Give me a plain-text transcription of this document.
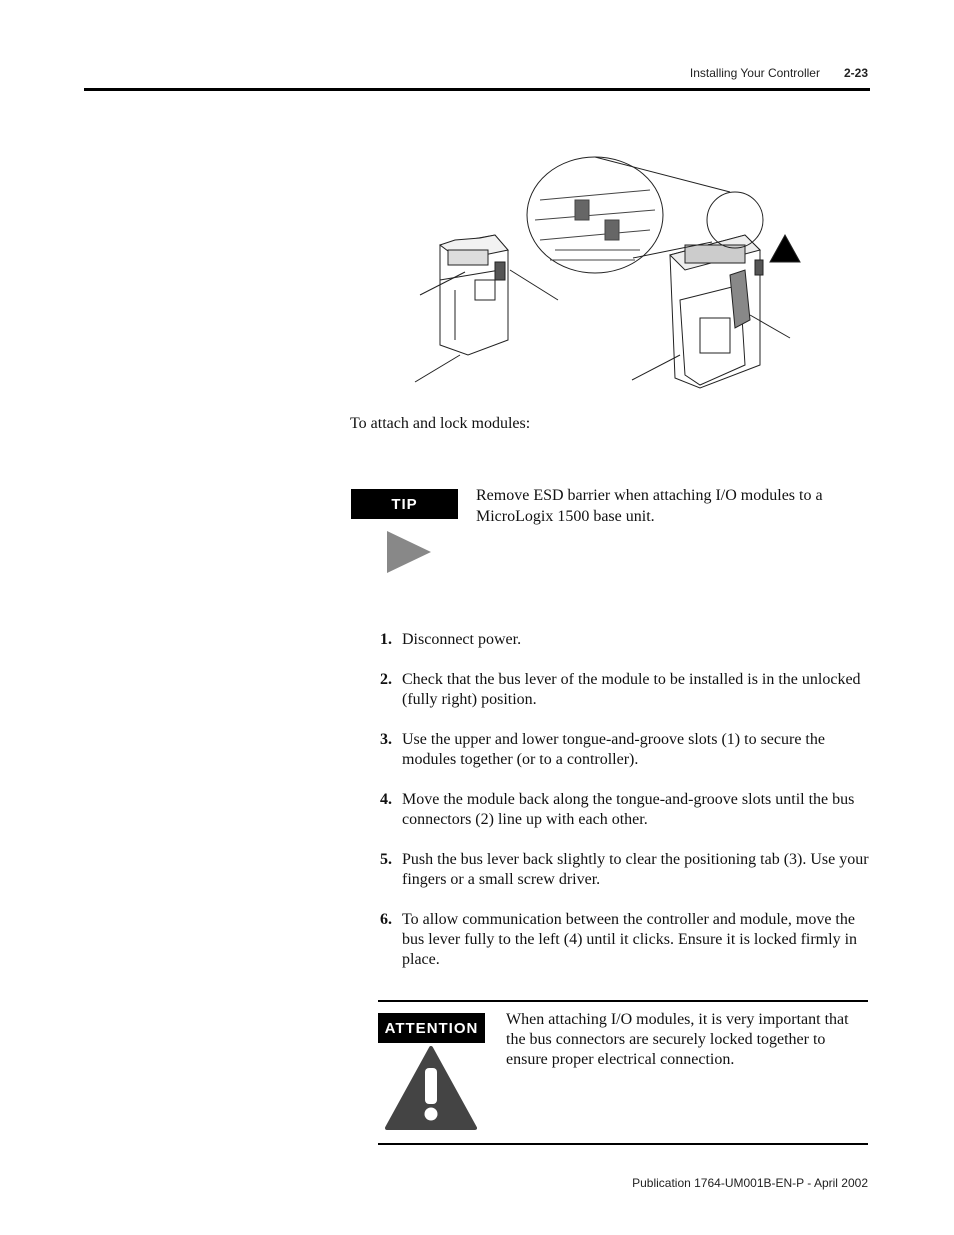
Installing Your Controller 2-23
To attach and lock modules:
TIP	Remove ESD barrier when attaching I/O modules to a MicroLogix 1500 base unit.
1. Disconnect power.
2. Check that the bus lever of the module to be installed is in the unlocked (fully right) position.
3. Use the upper and lower tongue-and-groove slots (1) to secure the modules together (or to a controller).
4. Move the module back along the tongue-and-groove slots until the bus connectors (2) line up with each other.
5. Push the bus lever back slightly to clear the positioning tab (3). Use your fingers or a small screw driver.
6. To allow communication between the controller and module, move the bus lever fully to the left (4) until it clicks. Ensure it is locked firmly in place.
ATTENTION	When attaching I/O modules, it is very important that the bus connectors are securely locked together to ensure proper electrical connection.
Publication 1764-UM001B-EN-P - April 2002
